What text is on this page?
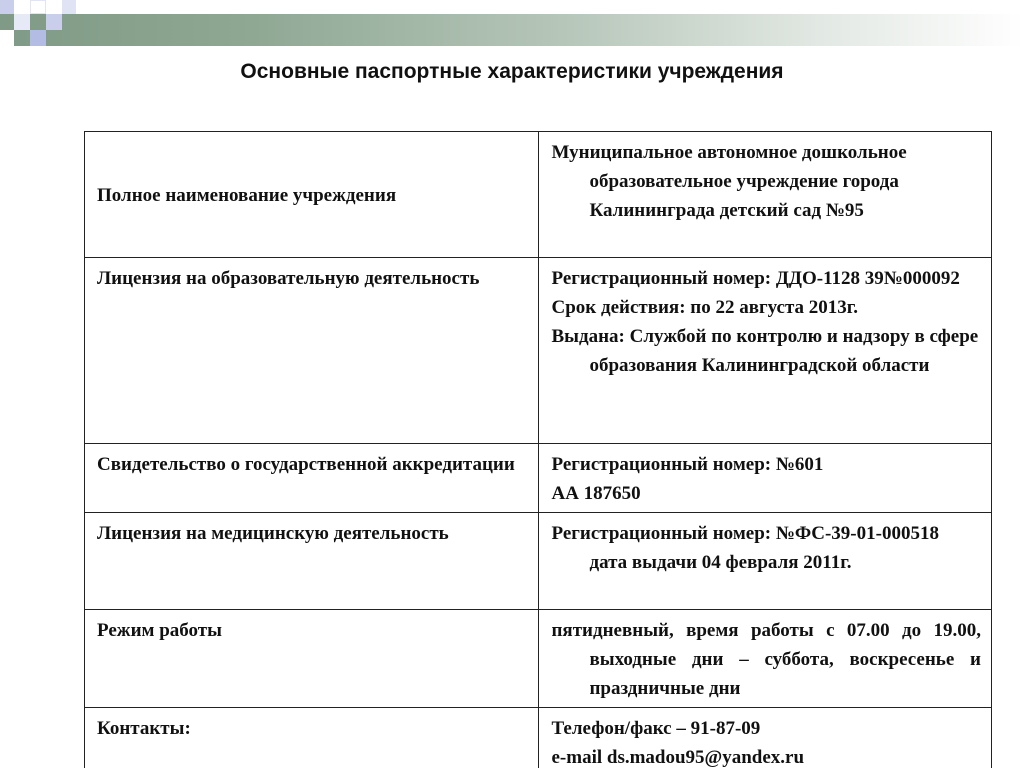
Основные паспортные характеристики учреждения
Полное наименование учреждения	Муниципальное автономное дошкольное образовательное учреждение города Калининграда детский сад №95

Лицензия на образовательную деятельность	Регистрационный номер: ДДО-1128 39№000092
Срок действия: по 22 августа 2013г.
Выдана: Службой по контролю и надзору в сфере образования Калининградской области

Свидетельство о государственной аккредитации	Регистрационный номер: №601
АА 187650

Лицензия на медицинскую деятельность	Регистрационный номер: №ФС-39-01-000518 дата выдачи 04 февраля 2011г.

Режим работы	пятидневный, время работы с 07.00 до 19.00, выходные дни – суббота, воскресенье и праздничные дни

Контакты:	Телефон/факс – 91-87-09
e-mail ds.madou95@yandex.ru
